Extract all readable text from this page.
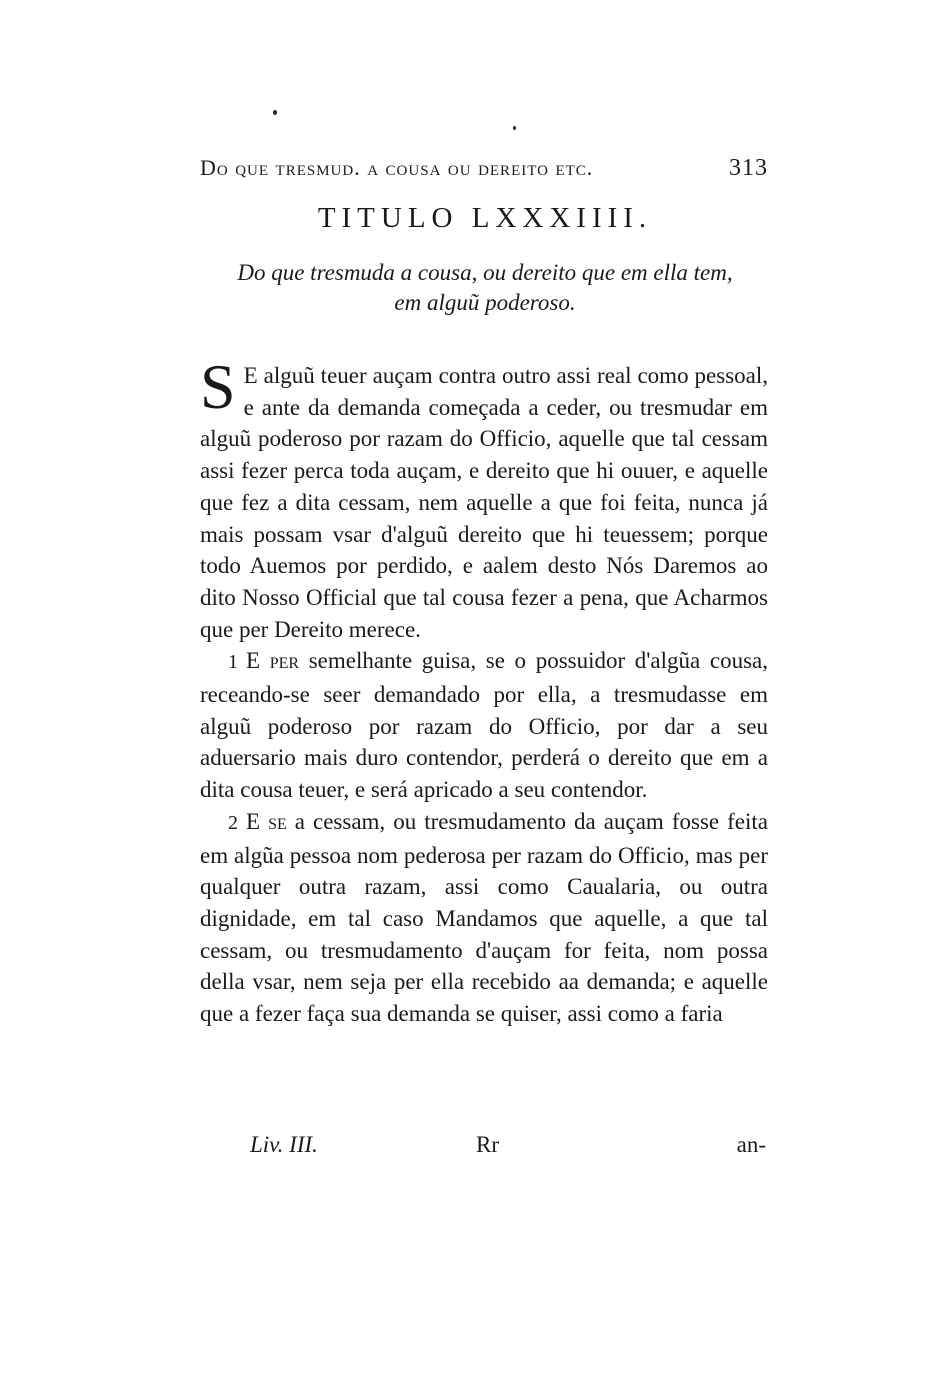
Do que tresmud. a cousa ou dereito etc.	313
TITULO LXXXIIII.
Do que tresmuda a cousa, ou dereito que em ella tem,
em alguũ poderoso.

S E alguũ teuer auçam contra outro assi real como pessoal, e ante da demanda começada a ceder, ou tresmudar em alguũ poderoso por razam do Officio, aquelle que tal cessam assi fezer perca toda auçam, e dereito que hi ouuer, e aquelle que fez a dita cessam, nem aquelle a que foi feita, nunca já mais possam vsar d'alguũ dereito que hi teuessem; porque todo Auemos por perdido, e aalem desto Nós Daremos ao dito Nosso Official que tal cousa fezer a pena, que Acharmos que per Dereito merece.

1 E per semelhante guisa, se o possuidor d'algũa cousa, receando-se seer demandado por ella, a tresmudasse em alguũ poderoso por razam do Officio, por dar a seu aduersario mais duro contendor, perderá o dereito que em a dita cousa teuer, e será apricado a seu contendor.

2 E se a cessam, ou tresmudamento da auçam fosse feita em algũa pessoa nom pederosa per razam do Officio, mas per qualquer outra razam, assi como Caualaria, ou outra dignidade, em tal caso Mandamos que aquelle, a que tal cessam, ou tresmudamento d'auçam for feita, nom possa della vsar, nem seja per ella recebido aa demanda; e aquelle que a fezer faça sua demanda se quiser, assi como a faria

Liv. III.	Rr	an-
